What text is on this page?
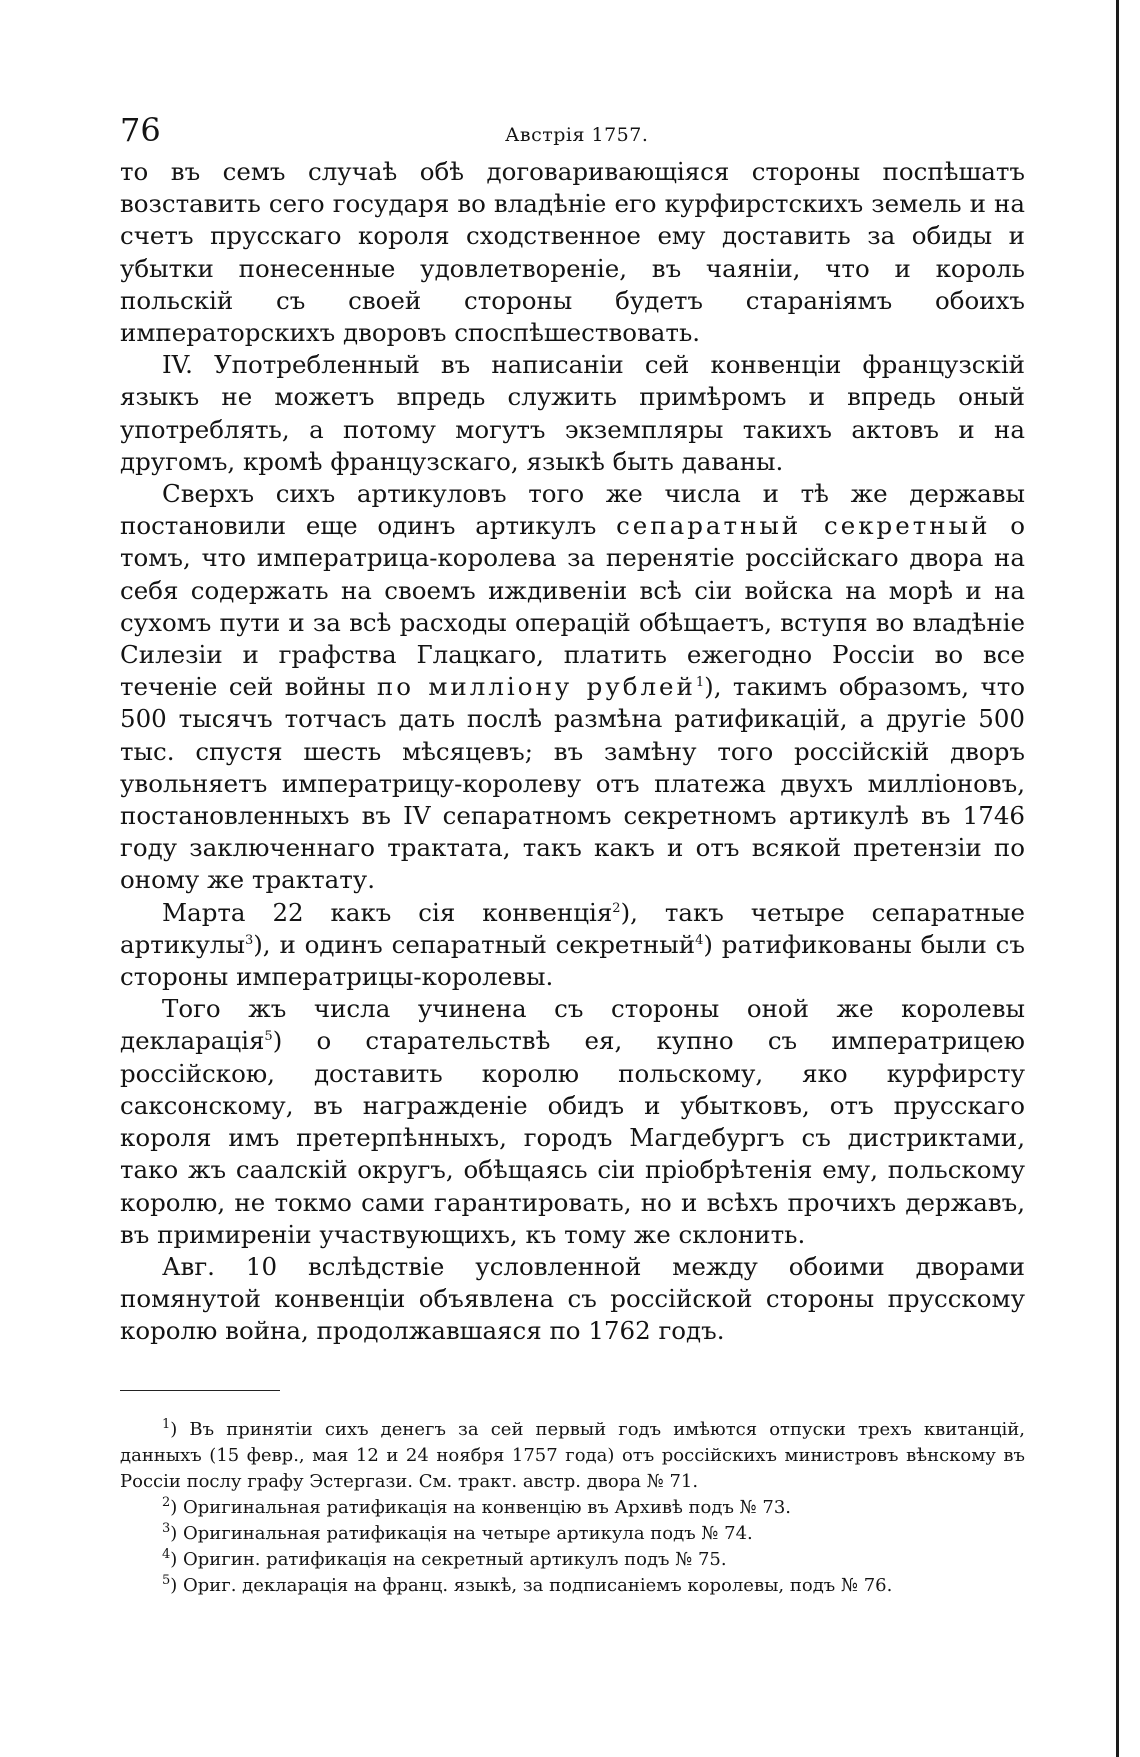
76	Австрія 1757.

то въ семъ случаѣ обѣ договаривающіяся стороны поспѣшатъ возставить сего государя во владѣніе его курфирстскихъ земель и на счетъ прусскаго короля сходственное ему доставить за обиды и убытки понесенные удовлетвореніе, въ чаяніи, что и король польскій съ своей стороны будетъ стараніямъ обоихъ императорскихъ дворовъ споспѣшествовать.

IV. Употребленный въ написаніи сей конвенціи французскій языкъ не можетъ впредь служить примѣромъ и впредь оный употреблять, а потому могутъ экземпляры такихъ актовъ и на другомъ, кромѣ французскаго, языкѣ быть даваны.

Сверхъ сихъ артикуловъ того же числа и тѣ же державы постановили еще одинъ артикулъ сепаратный секретный о томъ, что императрица-королева за перенятіе россійскаго двора на себя содержать на своемъ иждивеніи всѣ сіи войска на морѣ и на сухомъ пути и за всѣ расходы операцій обѣщаетъ, вступя во владѣніе Силезіи и графства Глацкаго, платить ежегодно Россіи во все теченіе сей войны по милліону рублей$^1$), такимъ образомъ, что 500 тысячъ тотчасъ дать послѣ размѣна ратификацій, а другіе 500 тыс. спустя шесть мѣсяцевъ; въ замѣну того россійскій дворъ увольняетъ императрицу-королеву отъ платежа двухъ милліоновъ, постановленныхъ въ IV сепаратномъ секретномъ артикулѣ въ 1746 году заключеннаго трактата, такъ какъ и отъ всякой претензіи по оному же трактату.

Марта 22 какъ сія конвенція$^2$), такъ четыре сепаратные артикулы$^3$), и одинъ сепаратный секретный$^4$) ратификованы были съ стороны императрицы-королевы.

Того жъ числа учинена съ стороны оной же королевы декларація$^5$) о старательствѣ ея, купно съ императрицею россійскою, доставить королю польскому, яко курфирсту саксонскому, въ награжденіе обидъ и убытковъ, отъ прусскаго короля имъ претерпѣнныхъ, городъ Магдебургъ съ дистриктами, тако жъ саалскій округъ, обѣщаясь сіи пріобрѣтенія ему, польскому королю, не токмо сами гарантировать, но и всѣхъ прочихъ державъ, въ примиреніи участвующихъ, къ тому же склонить.

Авг. 10 вслѣдствіе условленной между обоими дворами помянутой конвенціи объявлена съ россійской стороны прусскому королю война, продолжавшаяся по 1762 годъ.

$^1$) Въ принятіи сихъ денегъ за сей первый годъ имѣются отпуски трехъ квитанцій, данныхъ (15 февр., мая 12 и 24 ноября 1757 года) отъ россійскихъ министровъ вѣнскому въ Россіи послу графу Эстергази. См. тракт. австр. двора № 71.

$^2$) Оригинальная ратификація на конвенцію въ Архивѣ подъ № 73.

$^3$) Оригинальная ратификація на четыре артикула подъ № 74.

$^4$) Оригин. ратификація на секретный артикулъ подъ № 75.

$^5$) Ориг. декларація на франц. языкѣ, за подписаніемъ королевы, подъ № 76.
